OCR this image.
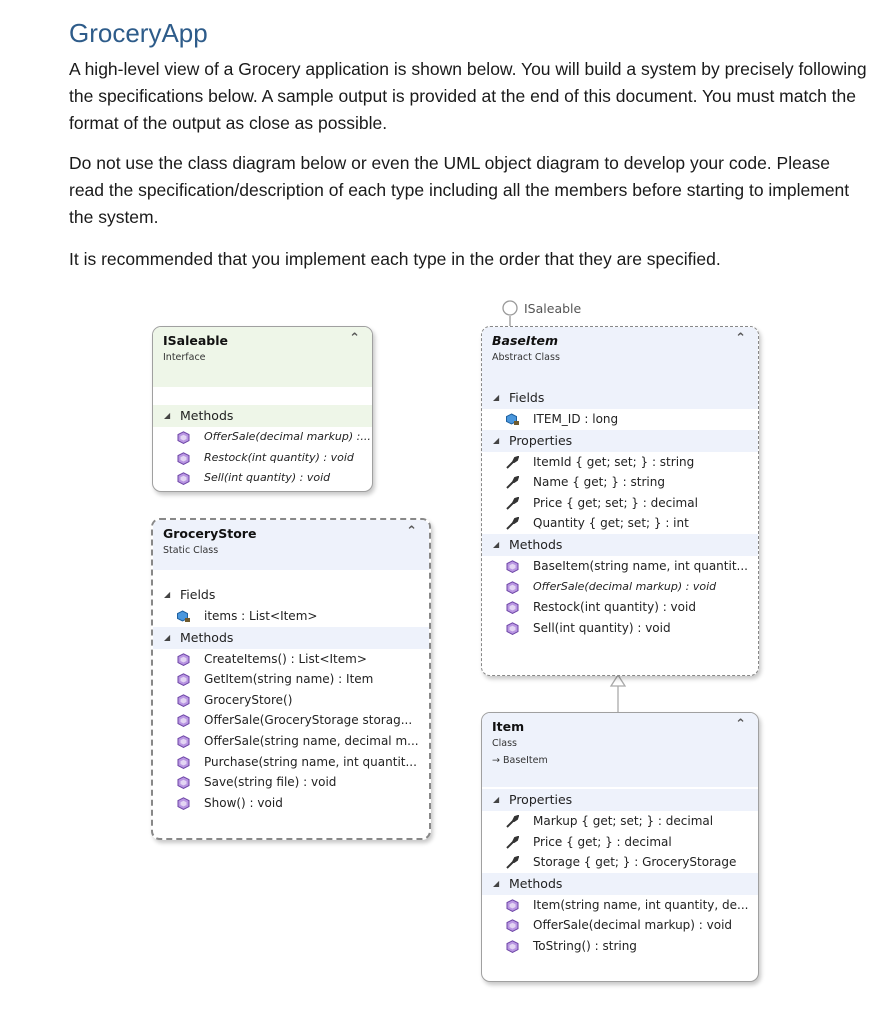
GroceryApp
A high-level view of a Grocery application is shown below. You will build a system by precisely following the specifications below. A sample output is provided at the end of this document. You must match the format of the output as close as possible.
Do not use the class diagram below or even the UML object diagram to develop your code. Please read the specification/description of each type including all the members before starting to implement the system.
It is recommended that you implement each type in the order that they are specified.
ISaleable
ISaleable
Interface
⌃
◢ Methods
OfferSale(decimal markup) :...
Restock(int quantity) : void
Sell(int quantity) : void
GroceryStore
Static Class
⌃
◢ Fields
items : List<Item>
◢ Methods
CreateItems() : List<Item>
GetItem(string name) : Item
GroceryStore()
OfferSale(GroceryStorage storag...
OfferSale(string name, decimal m...
Purchase(string name, int quantit...
Save(string file) : void
Show() : void
BaseItem
Abstract Class
⌃
◢ Fields
ITEM_ID : long
◢ Properties
ItemId { get; set; } : string
Name { get; } : string
Price { get; set; } : decimal
Quantity { get; set; } : int
◢ Methods
BaseItem(string name, int quantit...
OfferSale(decimal markup) : void
Restock(int quantity) : void
Sell(int quantity) : void
Item
Class
→ BaseItem
⌃
◢ Properties
Markup { get; set; } : decimal
Price { get; } : decimal
Storage { get; } : GroceryStorage
◢ Methods
Item(string name, int quantity, de...
OfferSale(decimal markup) : void
ToString() : string
